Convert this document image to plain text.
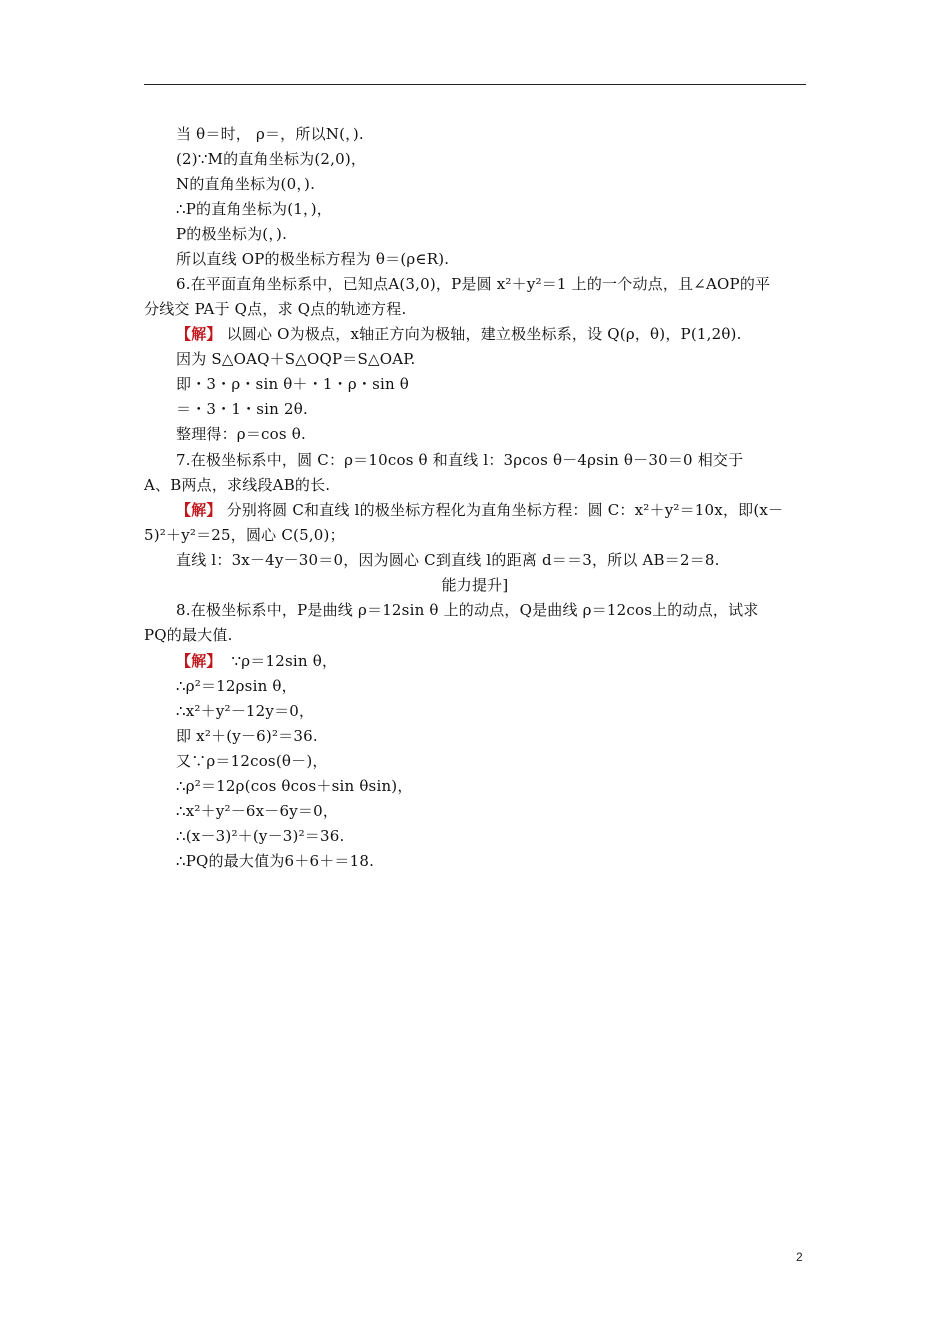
当 θ＝时， ρ＝，所以N(，).
(2)∵M的直角坐标为(2,0)，
N的直角坐标为(0，).
∴P的直角坐标为(1，)，
P的极坐标为(，).
所以直线 OP的极坐标方程为 θ＝(ρ∈R).
6.在平面直角坐标系中，已知点A(3,0)，P是圆 x²＋y²＝1 上的一个动点，且∠AOP的平
分线交 PA于 Q点，求 Q点的轨迹方程.
【解】 以圆心 O为极点，x轴正方向为极轴，建立极坐标系，设 Q(ρ，θ)，P(1,2θ).
因为 S△OAQ＋S△OQP＝S△OAP.
即・3・ρ・sin θ＋・1・ρ・sin θ
＝・3・1・sin 2θ.
整理得：ρ＝cos θ.
7.在极坐标系中，圆 C：ρ＝10cos θ 和直线 l：3ρcos θ－4ρsin θ－30＝0 相交于
A、B两点，求线段AB的长.
【解】 分别将圆 C和直线 l的极坐标方程化为直角坐标方程：圆 C：x²＋y²＝10x，即(x－
5)²＋y²＝25，圆心 C(5,0)；
直线 l：3x－4y－30＝0，因为圆心 C到直线 l的距离 d＝＝3，所以 AB＝2＝8.
能力提升]
8.在极坐标系中，P是曲线 ρ＝12sin θ 上的动点，Q是曲线 ρ＝12cos上的动点，试求
PQ的最大值.
【解】 ∵ρ＝12sin θ，
∴ρ²＝12ρsin θ，
∴x²＋y²－12y＝0，
即 x²＋(y－6)²＝36.
又∵ρ＝12cos(θ－)，
∴ρ²＝12ρ(cos θcos＋sin θsin)，
∴x²＋y²－6x－6y＝0，
∴(x－3)²＋(y－3)²＝36.
∴PQ的最大值为6＋6＋＝18.
2
